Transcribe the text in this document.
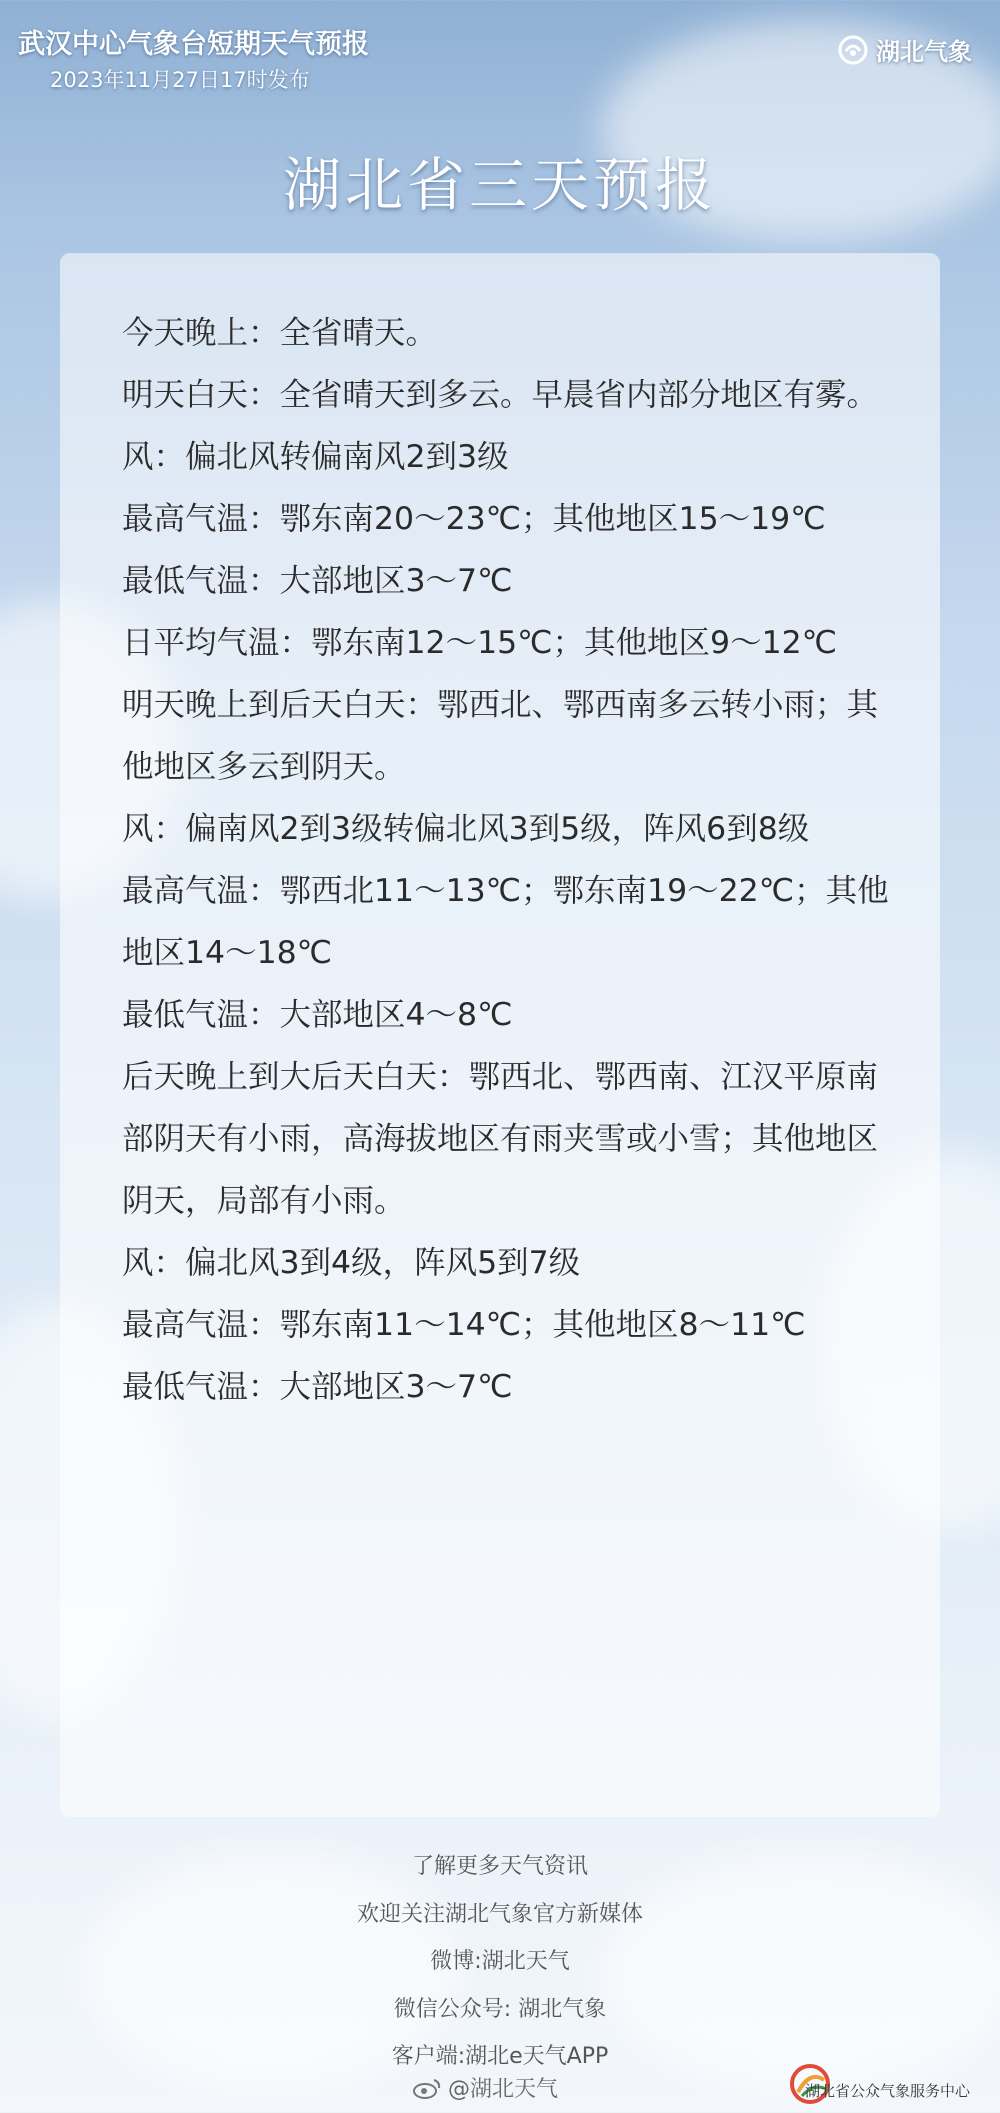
武汉中心气象台短期天气预报
2023年11月27日17时发布
湖北气象
湖北省三天预报
今天晚上：全省晴天。
明天白天：全省晴天到多云。早晨省内部分地区有雾。
风：偏北风转偏南风2到3级
最高气温：鄂东南20～23℃；其他地区15～19℃
最低气温：大部地区3～7℃
日平均气温：鄂东南12～15℃；其他地区9～12℃
明天晚上到后天白天：鄂西北、鄂西南多云转小雨；其他地区多云到阴天。
风：偏南风2到3级转偏北风3到5级，阵风6到8级
最高气温：鄂西北11～13℃；鄂东南19～22℃；其他地区14～18℃
最低气温：大部地区4～8℃
后天晚上到大后天白天：鄂西北、鄂西南、江汉平原南部阴天有小雨，高海拔地区有雨夹雪或小雪；其他地区阴天，局部有小雨。
风：偏北风3到4级，阵风5到7级
最高气温：鄂东南11～14℃；其他地区8～11℃
最低气温：大部地区3～7℃
了解更多天气资讯
欢迎关注湖北气象官方新媒体
微博:湖北天气
微信公众号: 湖北气象
客户端:湖北e天气APP
@湖北天气	湖北省公众气象服务中心
